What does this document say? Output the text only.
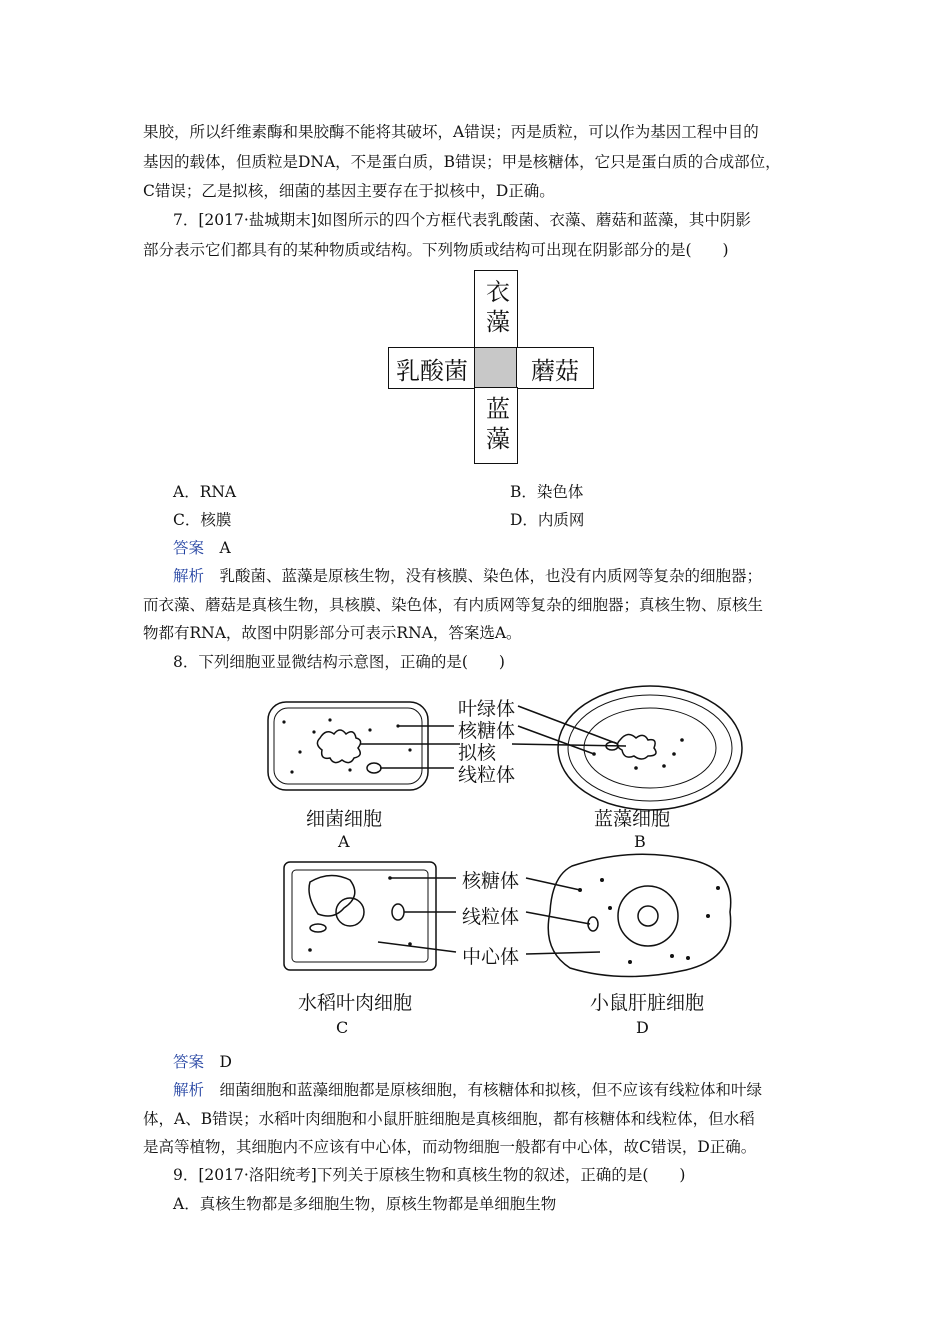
果胶，所以纤维素酶和果胶酶不能将其破坏，A错误；丙是质粒，可以作为基因工程中目的
基因的载体，但质粒是DNA，不是蛋白质，B错误；甲是核糖体，它只是蛋白质的合成部位，
C错误；乙是拟核，细菌的基因主要存在于拟核中，D正确。
7．[2017·盐城期末]如图所示的四个方框代表乳酸菌、衣藻、蘑菇和蓝藻，其中阴影
部分表示它们都具有的某种物质或结构。下列物质或结构可出现在阴影部分的是(　　)
衣藻
乳酸菌	蘑菇
蓝藻
A．RNA	B．染色体
C．核膜	D．内质网
答案　 A
解析　 乳酸菌、蓝藻是原核生物，没有核膜、染色体，也没有内质网等复杂的细胞器；
而衣藻、蘑菇是真核生物，具核膜、染色体，有内质网等复杂的细胞器；真核生物、原核生
物都有RNA，故图中阴影部分可表示RNA，答案选A。
8．下列细胞亚显微结构示意图，正确的是(　　)
叶绿体
核糖体
拟核
线粒体
细菌细胞
A
蓝藻细胞
B
核糖体
线粒体
中心体
水稻叶肉细胞
C
小鼠肝脏细胞
D
答案　 D
解析　 细菌细胞和蓝藻细胞都是原核细胞，有核糖体和拟核，但不应该有线粒体和叶绿
体，A、B错误；水稻叶肉细胞和小鼠肝脏细胞是真核细胞，都有核糖体和线粒体，但水稻
是高等植物，其细胞内不应该有中心体，而动物细胞一般都有中心体，故C错误，D正确。
9．[2017·洛阳统考]下列关于原核生物和真核生物的叙述，正确的是(　　)
A．真核生物都是多细胞生物，原核生物都是单细胞生物
